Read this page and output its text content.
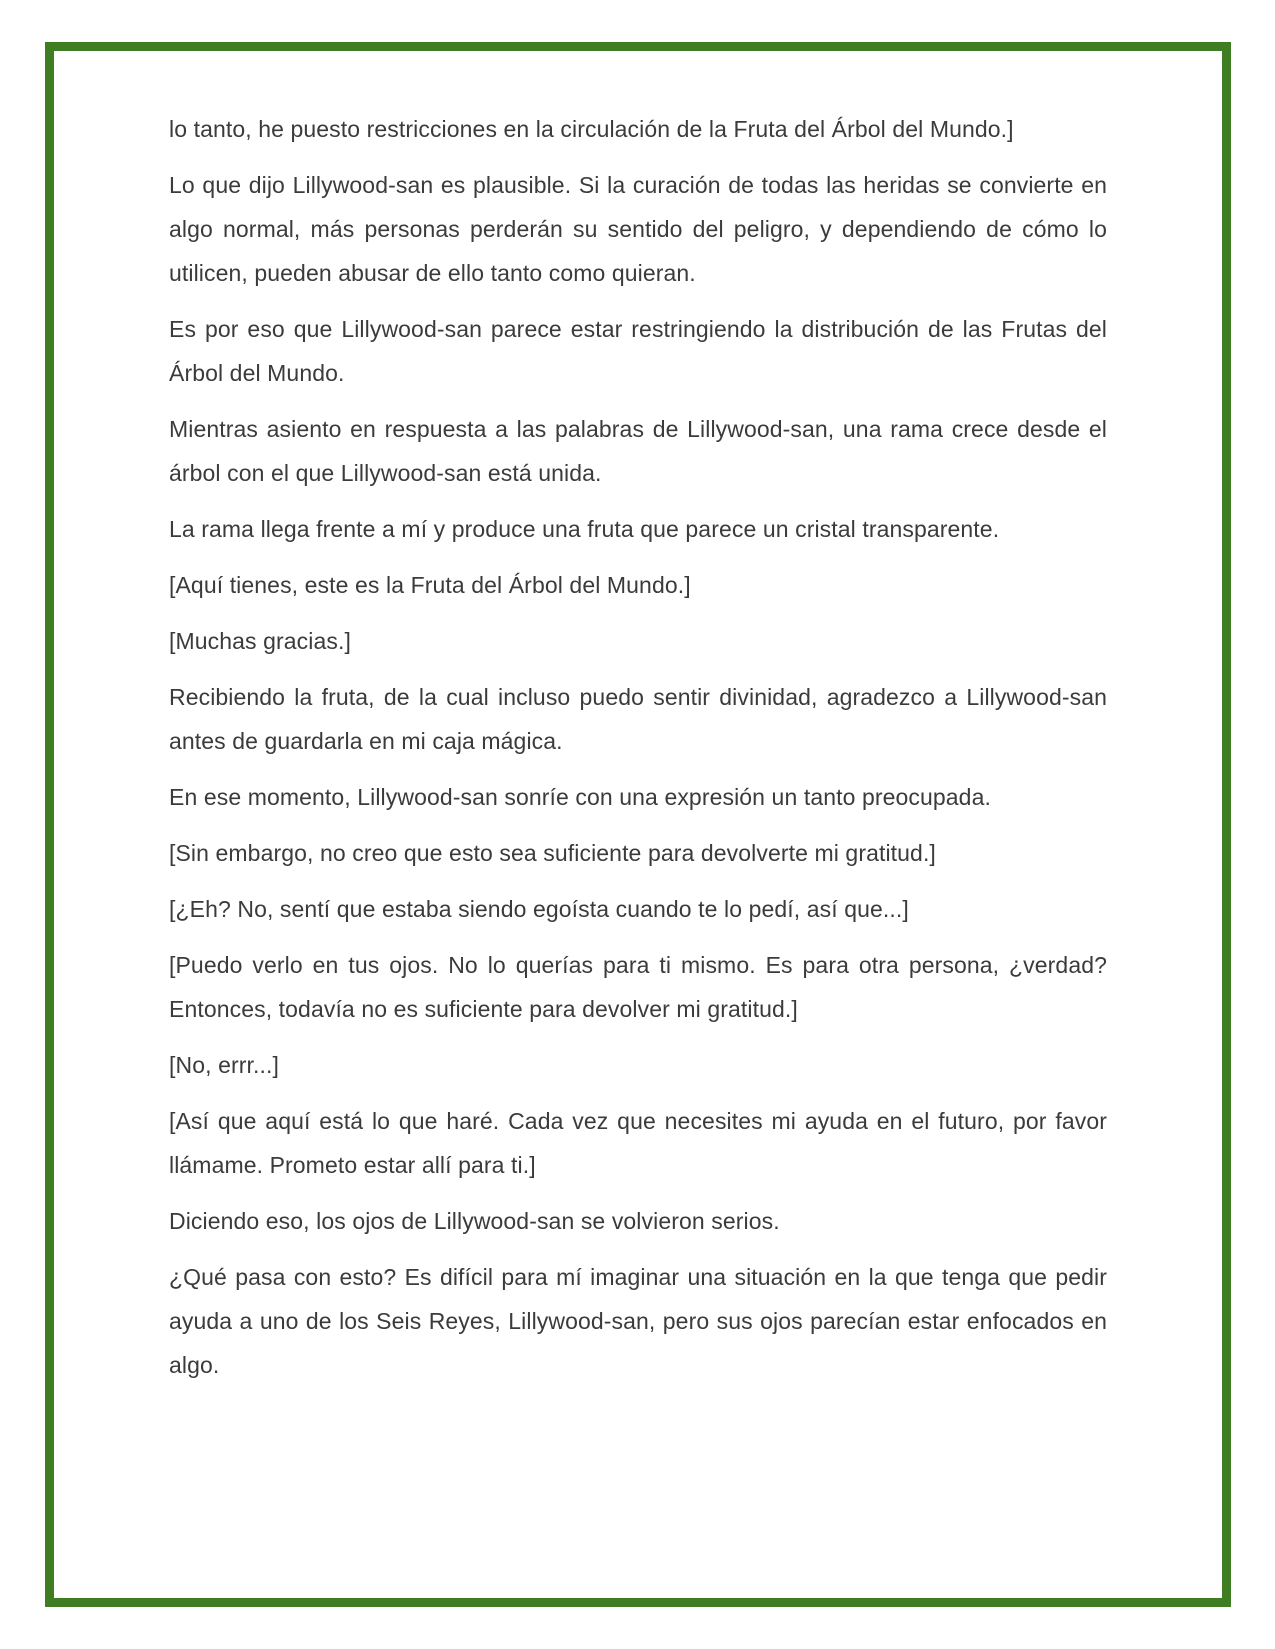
lo tanto, he puesto restricciones en la circulación de la Fruta del Árbol del Mundo.]

Lo que dijo Lillywood-san es plausible. Si la curación de todas las heridas se convierte en algo normal, más personas perderán su sentido del peligro, y dependiendo de cómo lo utilicen, pueden abusar de ello tanto como quieran.

Es por eso que Lillywood-san parece estar restringiendo la distribución de las Frutas del Árbol del Mundo.

Mientras asiento en respuesta a las palabras de Lillywood-san, una rama crece desde el árbol con el que Lillywood-san está unida.

La rama llega frente a mí y produce una fruta que parece un cristal transparente.

[Aquí tienes, este es la Fruta del Árbol del Mundo.]

[Muchas gracias.]

Recibiendo la fruta, de la cual incluso puedo sentir divinidad, agradezco a Lillywood-san antes de guardarla en mi caja mágica.

En ese momento, Lillywood-san sonríe con una expresión un tanto preocupada.

[Sin embargo, no creo que esto sea suficiente para devolverte mi gratitud.]

[¿Eh? No, sentí que estaba siendo egoísta cuando te lo pedí, así que...]

[Puedo verlo en tus ojos. No lo querías para ti mismo. Es para otra persona, ¿verdad? Entonces, todavía no es suficiente para devolver mi gratitud.]

[No, errr...]

[Así que aquí está lo que haré. Cada vez que necesites mi ayuda en el futuro, por favor llámame. Prometo estar allí para ti.]

Diciendo eso, los ojos de Lillywood-san se volvieron serios.

¿Qué pasa con esto? Es difícil para mí imaginar una situación en la que tenga que pedir ayuda a uno de los Seis Reyes, Lillywood-san, pero sus ojos parecían estar enfocados en algo.
